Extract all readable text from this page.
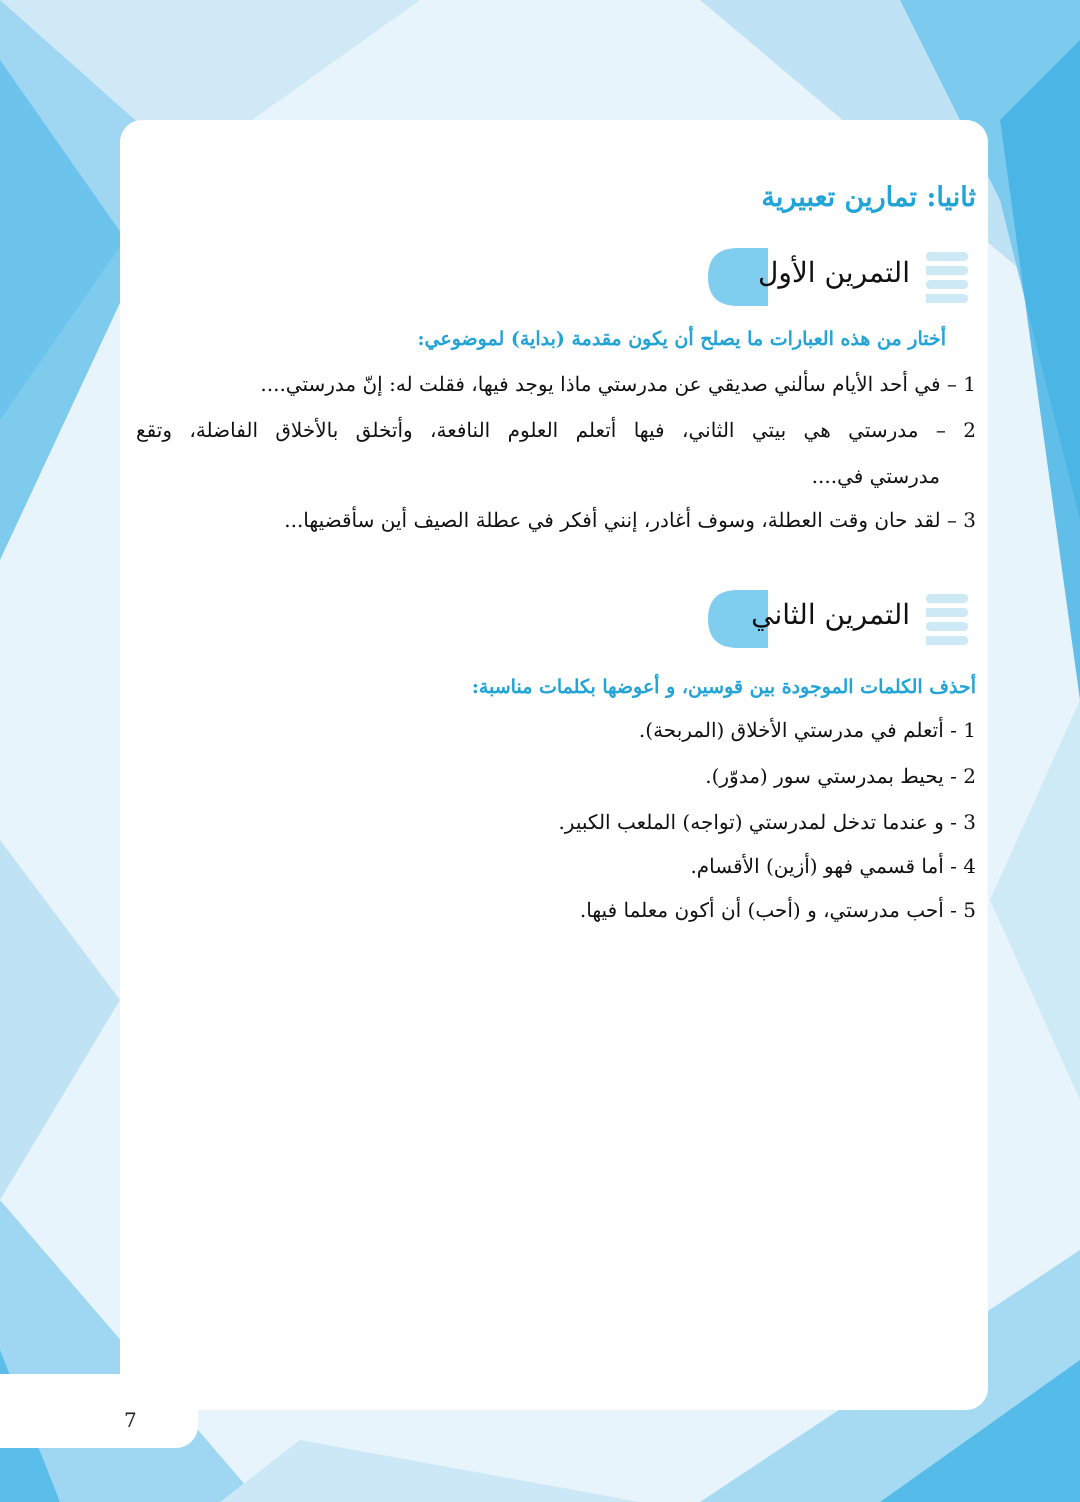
ثانيا: تمارين تعبيرية
التمرين الأول
أختار من هذه العبارات ما يصلح أن يكون مقدمة (بداية) لموضوعي:
1 – في أحد الأيام سألني صديقي عن مدرستي ماذا يوجد فيها، فقلت له: إنّ مدرستي....
2 – مدرستي هي بيتي الثاني، فيها أتعلم العلوم النافعة، وأتخلق بالأخلاق الفاضلة، وتقع
مدرستي في....
3 – لقد حان وقت العطلة، وسوف أغادر، إنني أفكر في عطلة الصيف أين سأقضيها...
التمرين الثاني
أحذف الكلمات الموجودة بين قوسين، و أعوضها بكلمات مناسبة:
1 - أتعلم في مدرستي الأخلاق (المربحة).
2 - يحيط بمدرستي سور (مدوّر).
3 - و عندما تدخل لمدرستي (تواجه) الملعب الكبير.
4 - أما قسمي فهو (أزين) الأقسام.
5 - أحب مدرستي، و (أحب) أن أكون معلما فيها.
7
